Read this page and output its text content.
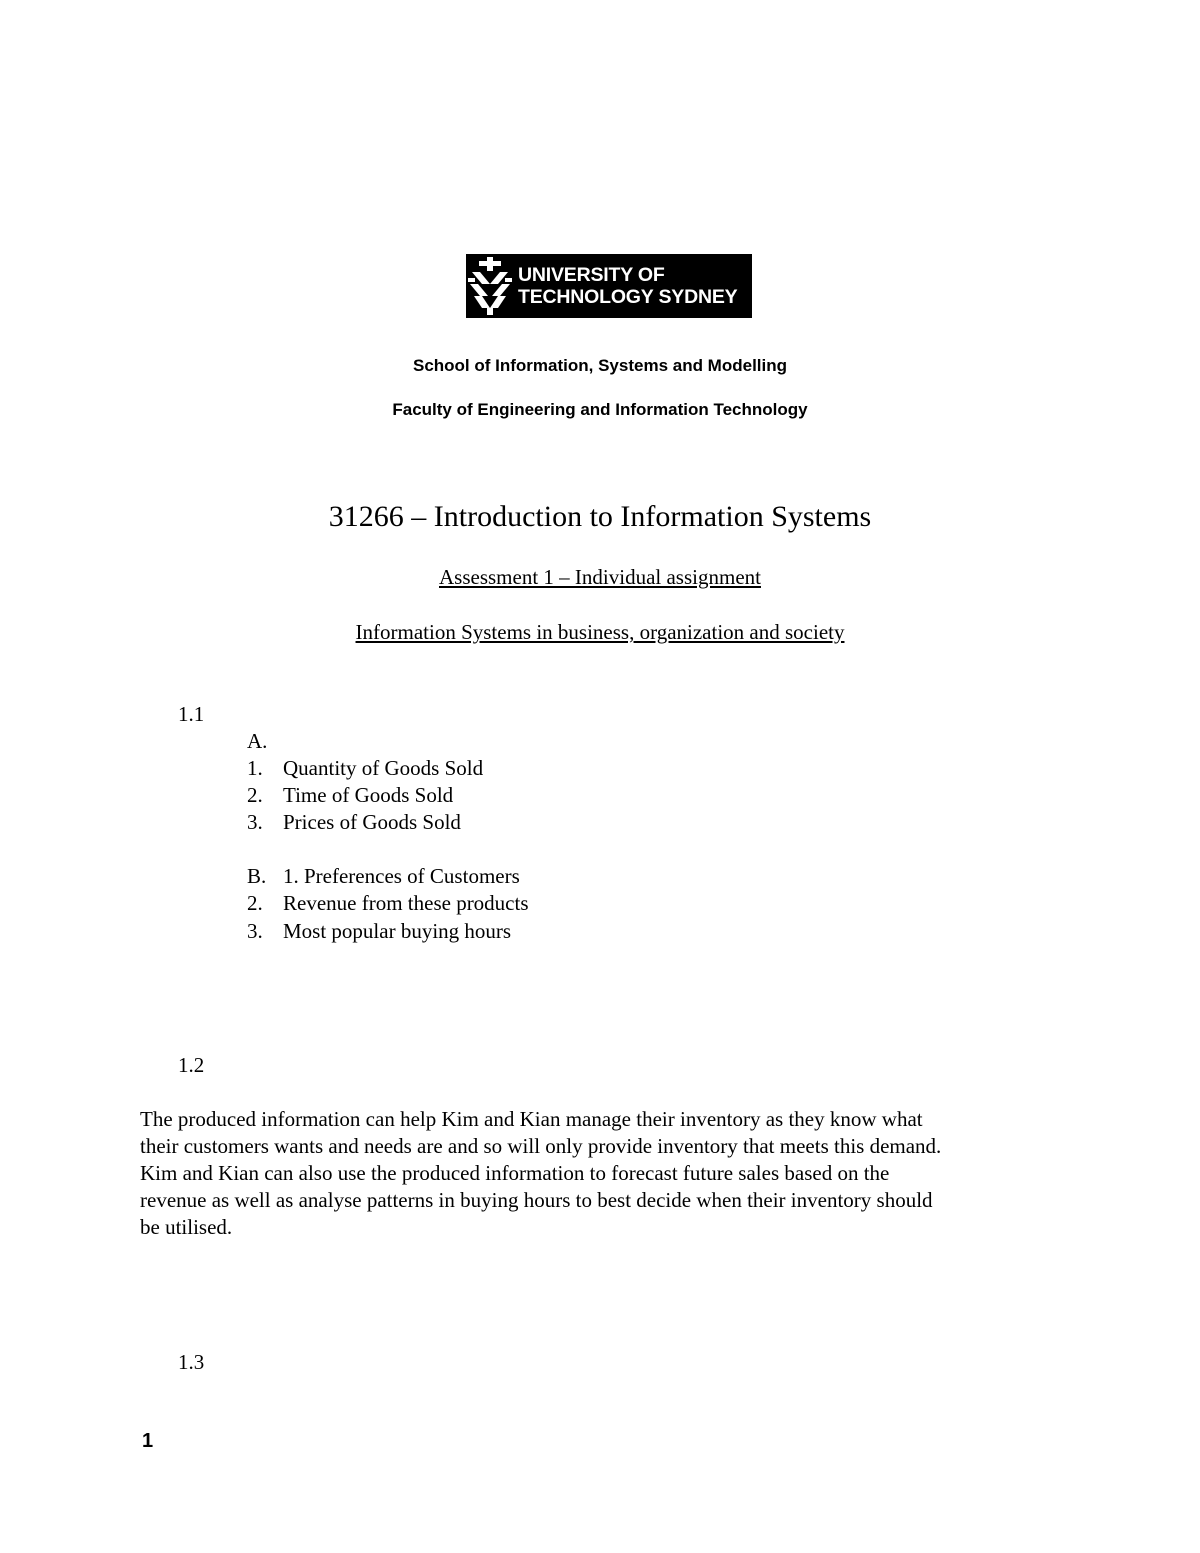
UNIVERSITY OF
TECHNOLOGY SYDNEY
School of Information, Systems and Modelling
Faculty of Engineering and Information Technology
31266 – Introduction to Information Systems
Assessment 1 – Individual assignment
Information Systems in business, organization and society
1.1
A.
1. Quantity of Goods Sold
2. Time of Goods Sold
3. Prices of Goods Sold
B. 1. Preferences of Customers
2. Revenue from these products
3. Most popular buying hours
1.2
The produced information can help Kim and Kian manage their inventory as they know what
their customers wants and needs are and so will only provide inventory that meets this demand.
Kim and Kian can also use the produced information to forecast future sales based on the
revenue as well as analyse patterns in buying hours to best decide when their inventory should
be utilised.
1.3
1
